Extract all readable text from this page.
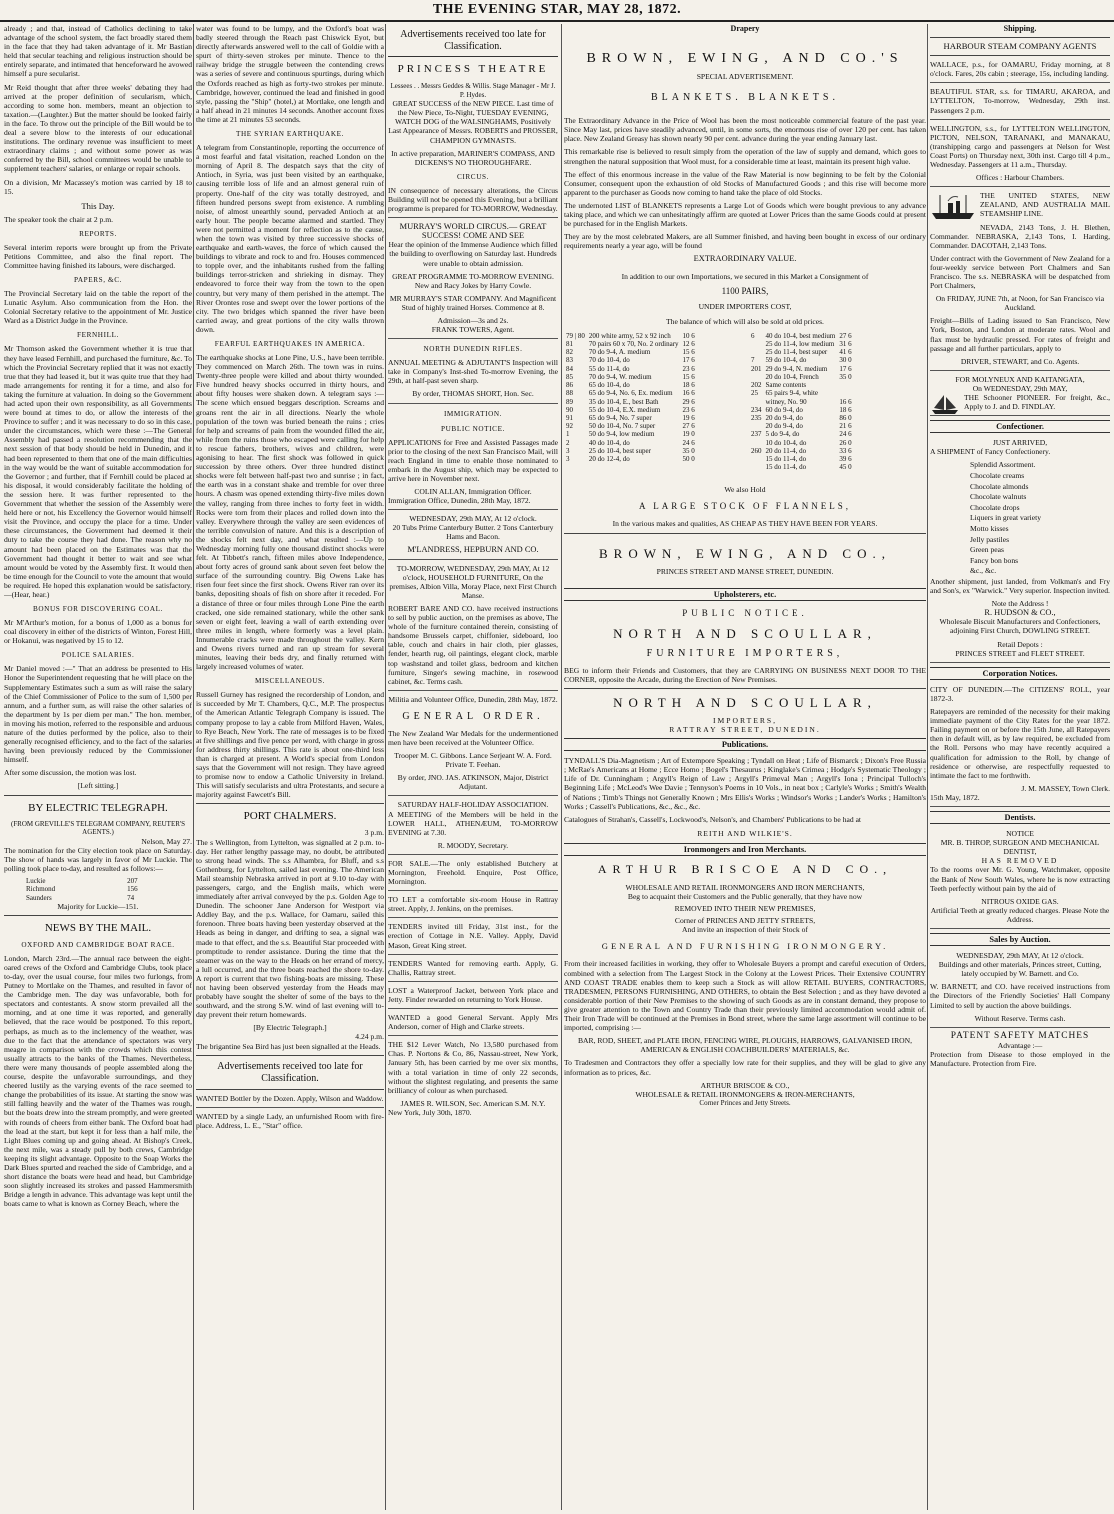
THE EVENING STAR, MAY 28, 1872.

already ; and that, instead of Catholics declining to take advantage of the school system, the fact broadly stared them in the face that they had taken advantage of it. Mr Bastian held that secular teaching and religious instruction should be entirely separate, and intimated that henceforward he avowed himself a pure secularist.

Mr Reid thought that after three weeks' debating they had arrived at the proper definition of secularism, which, according to some hon. members, meant an objection to taxation.—(Laughter.) But the matter should be looked fairly in the face. To throw out the principle of the Bill would be to deal a severe blow to the interests of our educational institutions. The ordinary revenue was insufficient to meet extraordinary claims ; and without some power as was conferred by the Bill, school committees would be unable to supplement teachers' salaries, or enlarge or repair schools.

On a division, Mr Macassey's motion was carried by 18 to 15.

This Day.

The speaker took the chair at 2 p.m.

REPORTS.

Several interim reports were brought up from the Private Petitions Committee, and also the final report. The Committee having finished its labours, were discharged.

PAPERS, &C.

The Provincial Secretary laid on the table the report of the Lunatic Asylum. Also communication from the Hon. the Colonial Secretary relative to the appointment of Mr. Justice Ward as a District Judge in the Province.

FERNHILL.

Mr Thomson asked the Government whether it is true that they have leased Fernhill, and purchased the furniture, &c. To which the Provincial Secretary replied that it was not exactly true that they had leased it, but it was quite true that they had made arrangements for renting it for a time, and also for taking the furniture at valuation. In doing so the Government had acted upon their own responsibility, as all Governments were bound at times to do, or allow the interests of the Province to suffer ; and it was necessary to do so in this case, under the circumstances, which were these :—The General Assembly had passed a resolution recommending that the next session of that body should be held in Dunedin, and it had been represented to them that one of the main difficulties in the way would be the want of suitable accommodation for the Governor ; and further, that if Fernhill could be placed at his disposal, it would considerably facilitate the holding of the session here. It was further represented to the Government that whether the session of the Assembly were held here or not, his Excellency the Governor would himself visit the Province, and occupy the place for a time. Under these circumstances, the Government had deemed it their duty to take the course they had done. The reason why no amount had been placed on the Estimates was that the Government had thought it better to wait and see what amount would be voted by the Assembly first. It would then be time enough for the Council to vote the amount that would be required. He hoped this explanation would be satisfactory.—(Hear, hear.)

BONUS FOR DISCOVERING COAL.

Mr M'Arthur's motion, for a bonus of 1,000 as a bonus for coal discovery in either of the districts of Winton, Forest Hill, or Hokanui, was negatived by 15 to 12.

POLICE SALARIES.

Mr Daniel moved :—" That an address be presented to His Honor the Superintendent requesting that he will place on the Supplementary Estimates such a sum as will raise the salary of the Chief Commissioner of Police to the sum of 1,500 per annum, and a further sum, as will raise the other salaries of the department by 1s per diem per man." The hon. member, in moving his motion, referred to the responsible and arduous nature of the duties performed by the police, also to their generally recognised efficiency, and to the fact of the salaries having been previously reduced by the Commissioner himself.

After some discussion, the motion was lost.

[Left sitting.]
BY ELECTRIC TELEGRAPH.
(FROM GREVILLE'S TELEGRAM COMPANY, REUTER'S AGENTS.)
Nelson, May 27.

The nomination for the City election took place on Saturday. The show of hands was largely in favor of Mr Luckie. The polling took place to-day, and resulted as follows:—

Luckie	207
Richmond	156
Saunders	74
Majority for Luckie—151.
NEWS BY THE MAIL.
OXFORD AND CAMBRIDGE BOAT RACE.

London, March 23rd.—The annual race between the eight-oared crews of the Oxford and Cambridge Clubs, took place to-day, over the usual course, four miles two furlongs, from Putney to Mortlake on the Thames, and resulted in favor of the Cambridge men. The day was unfavorable, both for spectators and contestants. A snow storm prevailed all the morning, and at one time it was reported, and generally believed, that the race would be postponed. To this report, perhaps, as much as to the inclemency of the weather, was due to the fact that the attendance of spectators was very meagre in comparison with the crowds which this contest usually attracts to the banks of the Thames. Nevertheless, there were many thousands of people assembled along the course, despite the unfavorable surroundings, and they cheered lustily as the varying events of the race seemed to change the probabilities of its issue. At starting the snow was still falling heavily and the water of the Thames was rough, but the boats drew into the stream promptly, and were greeted with rounds of cheers from either bank. The Oxford boat had the lead at the start, but kept it for less than a half mile, the Light Blues coming up and going ahead. At Bishop's Creek, the next mile, was a steady pull by both crews, Cambridge keeping its slight advantage. Opposite to the Soap Works the Dark Blues spurted and reached the side of Cambridge, and a short distance the boats were head and head, but Cambridge soon slightly increased its strokes and passed Hammersmith Bridge a length in advance. This advantage was kept until the boats came to what is known as Corney Beach, where the

water was found to be lumpy, and the Oxford's boat was badly steered through the Reach past Chiswick Eyot, but directly afterwards answered well to the call of Goldie with a spurt of thirty-seven strokes per minute. Thence to the railway bridge the struggle between the contending crews was a series of severe and continuous spurtings, during which the Oxfords reached as high as forty-two strokes per minute. Cambridge, however, continued the lead and finished in good style, passing the "Ship" (hotel,) at Mortlake, one length and a half ahead in 21 minutes 14 seconds. Another account fixes the time at 21 minutes 53 seconds.

THE SYRIAN EARTHQUAKE.

A telegram from Constantinople, reporting the occurrence of a most fearful and fatal visitation, reached London on the morning of April 8. The despatch says that the city of Antioch, in Syria, was just been visited by an earthquake, causing terrible loss of life and an almost general ruin of property. One-half of the city was totally destroyed, and fifteen hundred persons swept from existence. A rumbling noise, of almost unearthly sound, pervaded Antioch at an early hour. The people became alarmed and startled. They were not permitted a moment for reflection as to the cause, when the town was visited by three successive shocks of earthquake and earth-waves, the force of which caused the buildings to vibrate and rock to and fro. Houses commenced to topple over, and the inhabitants rushed from the falling buildings terror-stricken and shrieking in dismay. They endeavored to force their way from the town to the open country, but very many of them perished in the attempt. The River Orontes rose and swept over the lower portions of the city. The two bridges which spanned the river have been carried away, and great portions of the city walls thrown down.

FEARFUL EARTHQUAKES IN AMERICA.

The earthquake shocks at Lone Pine, U.S., have been terrible. They commenced on March 26th. The town was in ruins. Twenty-three people were killed and about thirty wounded. Five hundred heavy shocks occurred in thirty hours, and about fifty houses were shaken down. A telegram says :—The scene which ensued beggars description. Screams and groans rent the air in all directions. Nearly the whole population of the town was buried beneath the ruins ; cries for help and screams of pain from the wounded filled the air, while from the ruins those who escaped were calling for help to rescue fathers, brothers, wives and children, were agonising to hear. The first shock was followed in quick succession by three others. Over three hundred distinct shocks were felt between half-past two and sunrise ; in fact, the earth was in a constant shake and tremble for over three hours. A chasm was opened extending thirty-five miles down the valley, ranging from three inches to forty feet in width. Rocks were torn from their places and rolled down into the valley. Everywhere through the valley are seen evidences of the terrible convulsion of nature. And this is a description of the shocks felt next day, and what resulted :—Up to Wednesday morning fully one thousand distinct shocks were felt. At Tibbett's ranch, fifteen miles above Independence, about forty acres of ground sank about seven feet below the surface of the surrounding country. Big Owens Lake has risen four feet since the first shock. Owens River ran over its banks, depositing shoals of fish on shore after it receded. For a distance of three or four miles through Lone Pine the earth cracked, one side remained stationary, while the other sank seven or eight feet, leaving a wall of earth extending over three miles in length, where formerly was a level plain. Innumerable cracks were made throughout the valley. Kern and Owens rivers turned and ran up stream for several minutes, leaving their beds dry, and finally returned with largely increased volumes of water.

MISCELLANEOUS.

Russell Gurney has resigned the recordership of London, and is succeeded by Mr T. Chambers, Q.C., M.P. The prospectus of the American Atlantic Telegraph Company is issued. The company propose to lay a cable from Milford Haven, Wales, to Rye Beach, New York. The rate of messages is to be fixed at five shillings and five pence per word, with charge in gross for address thirty shillings. This rate is about one-third less than is charged at present. A World's special from London says that the Government will not resign. They have agreed to promise now to endow a Catholic University in Ireland. This will satisfy secularists and ultra Protestants, and secure a majority against Fawcett's Bill.

PORT CHALMERS.
3 p.m.

The s Wellington, from Lyttelton, was signalled at 2 p.m. to-day. Her rather lengthy passage may, no doubt, be attributed to strong head winds. The s.s Alhambra, for Bluff, and s.s Gothenburg, for Lyttelton, sailed last evening. The American Mail steamship Nebraska arrived in port at 9.10 to-day with passengers, cargo, and the English mails, which were immediately after arrival conveyed by the p.s. Golden Age to Dunedin. The schooner Jane Anderson for Westport via Addley Bay, and the p.s. Wallace, for Oamaru, sailed this forenoon. Three boats having been yesterday observed at the Heads as being in danger, and drifting to sea, a signal was made to that effect, and the s.s. Beautiful Star proceeded with promptitude to render assistance. During the time that the steamer was on the way to the Heads on her errand of mercy, a lull occurred, and the three boats reached the shore to-day. A report is current that two fishing-boats are missing. These not having been observed yesterday from the Heads may probably have sought the shelter of some of the bays to the southward, and the strong S.W. wind of last evening will to-day prevent their return homewards.

[By Electric Telegraph.]
4.24 p.m.

The brigantine Sea Bird has just been signalled at the Heads.

Advertisements received too late for Classification.

WANTED Bottler by the Dozen. Apply, Wilson and Waddow.

WANTED by a single Lady, an unfurnished Room with fire-place. Address, L. E., "Star" office.

Advertisements received too late for Classification.
PRINCESS THEATRE
Lessees . . Messrs Geddes & Willis. Stage Manager - Mr J. P. Hydes.

GREAT SUCCESS of the NEW PIECE. Last time of the New Piece, To-Night, TUESDAY EVENING, WATCH DOG of the WALSINGHAMS, Positively Last Appearance of Messrs. ROBERTS and PROSSER, CHAMPION GYMNASTS.

In active preparation, MARINER'S COMPASS, AND DICKENS'S NO THOROUGHFARE.

CIRCUS.

IN consequence of necessary alterations, the Circus Building will not be opened this Evening, but a brilliant programme is prepared for TO-MORROW, Wednesday.

MURRAY'S WORLD CIRCUS.— GREAT SUCCESS! COME AND SEE

Hear the opinion of the Immense Audience which filled the building to overflowing on Saturday last. Hundreds were unable to obtain admission.

GREAT PROGRAMME TO-MORROW EVENING. New and Racy Jokes by Harry Cowle.

MR MURRAY'S STAR COMPANY. And Magnificent Stud of highly trained Horses. Commence at 8.

Admission—3s and 2s.
FRANK TOWERS, Agent.
NORTH DUNEDIN RIFLES.

ANNUAL MEETING & ADJUTANT'S Inspection will take in Company's Inst-shed To-morrow Evening, the 29th, at half-past seven sharp.

By order, THOMAS SHORT, Hon. Sec.
IMMIGRATION.
PUBLIC NOTICE.

APPLICATIONS for Free and Assisted Passages made prior to the closing of the next San Francisco Mail, will reach England in time to enable those nominated to embark in the August ship, which may be expected to arrive here in November next.

COLIN ALLAN, Immigration Officer.
Immigration Office, Dunedin, 28th May, 1872.
WEDNESDAY, 29th MAY, At 12 o'clock.

20 Tubs Prime Canterbury Butter. 2 Tons Canterbury Hams and Bacon.

M'LANDRESS, HEPBURN AND CO.

TO-MORROW, WEDNESDAY, 29th MAY, At 12 o'clock, HOUSEHOLD FURNITURE, On the premises, Albion Villa, Moray Place, next First Church Manse.

ROBERT BARE AND CO. have received instructions to sell by public auction, on the premises as above, The whole of the furniture contained therein, consisting of handsome Brussels carpet, chiffonier, sideboard, loo table, couch and chairs in hair cloth, pier glasses, fender, hearth rug, oil paintings, elegant clock, marble top washstand and toilet glass, bedroom and kitchen furniture, Singer's sewing machine, in rosewood cabinet, &c. Terms cash.

Militia and Volunteer Office, Dunedin, 28th May, 1872.
GENERAL ORDER.

The New Zealand War Medals for the undermentioned men have been received at the Volunteer Office.

Trooper M. C. Gibbons. Lance Serjeant W. A. Ford. Private T. Feehan.

By order, JNO. JAS. ATKINSON, Major, District Adjutant.
SATURDAY HALF-HOLIDAY ASSOCIATION.

A MEETING of the Members will be held in the LOWER HALL, ATHENÆUM, TO-MORROW EVENING at 7.30.

R. MOODY, Secretary.

FOR SALE.—The only established Butchery at Mornington, Freehold. Enquire, Post Office, Mornington.

TO LET a comfortable six-room House in Rattray street. Apply, J. Jenkins, on the premises.

TENDERS invited till Friday, 31st inst., for the erection of Cottage in N.E. Valley. Apply, David Mason, Great King street.

TENDERS Wanted for removing earth. Apply, G. Challis, Rattray street.

LOST a Waterproof Jacket, between York place and Jetty. Finder rewarded on returning to York House.

WANTED a good General Servant. Apply Mrs Anderson, corner of High and Clarke streets.

THE $12 Lever Watch, No 13,580 purchased from Chas. P. Nortons & Co, 86, Nassau-street, New York, January 5th, has been carried by me over six months, with a total variation in time of only 22 seconds, without the slightest regulating, and presents the same brilliancy of colour as when purchased.

JAMES R. WILSON, Sec. American S.M. N.Y.
New York, July 30th, 1870.
Drapery
BROWN, EWING, AND CO.'S
SPECIAL ADVERTISEMENT.
BLANKETS. BLANKETS.

The Extraordinary Advance in the Price of Wool has been the most noticeable commercial feature of the past year. Since May last, prices have steadily advanced, until, in some sorts, the enormous rise of over 120 per cent. has taken place. New Zealand Greasy has shown nearly 90 per cent. advance during the year ending January last.

This remarkable rise is believed to result simply from the operation of the law of supply and demand, which goes to strengthen the natural supposition that Wool must, for a considerable time at least, maintain its present high value.

The effect of this enormous increase in the value of the Raw Material is now beginning to be felt by the Colonial Consumer, consequent upon the exhaustion of old Stocks of Manufactured Goods ; and this rise will become more apparent to the purchaser as Goods now coming to hand take the place of old Stocks.

The undernoted LIST of BLANKETS represents a Large Lot of Goods which were bought previous to any advance taking place, and which we can unhesitatingly affirm are quoted at Lower Prices than the same Goods could at present be purchased for in the English Markets.

They are by the most celebrated Makers, are all Summer finished, and having been bought in excess of our ordinary requirements nearly a year ago, will be found

EXTRAORDINARY VALUE.
In addition to our own Importations, we secured in this Market a Consignment of
1100 PAIRS,
UNDER IMPORTERS COST,
The balance of which will also be sold at old prices.
79 | 80	200 white army, 52 x 92 inch	10 6
81	70 pairs 60 x 70, No. 2 ordinary	12 6
82	70 do 9-4, A. medium	15 6
83	70 do 10-4, do	17 6
84	55 do 11-4, do	23 6
85	70 do 9-4, W. medium	15 6
86	65 do 10-4, do	18 6
88	65 do 9-4, No. 6, Ex. medium	16 6
89	35 do 10-4, E., best Bath	29 6
90	55 do 10-4, E.X. medium	23 6
91	65 do 9-4, No. 7 super	19 6
92	50 do 10-4, No. 7 super	27 6
1	50 do 9-4, low medium	19 0
2	40 do 10-4, do	24 6
3	25 do 10-4, best super	35 0
3	20 do 12-4, do	50 0
6	40 do 10-4, best medium	27 6
	25 do 11-4, low medium	31 6
	25 do 11-4, best super	41 6
7	59 do 10-4, do	30 0
201	29 do 9-4, N. medium	17 6
	20 do 10-4, French	35 0
202	Same contents	
25	65 pairs 9-4, white	
	witney, No. 90	16 6
234	60 do 9-4, do	18 6
235	20 do 9-4, do	86 0
	20 do 9-4, do	21 6
237	5 do 9-4, do	24 6
	10 do 10-4, do	26 0
260	20 do 11-4, do	33 6
	15 do 11-4, do	39 6
	15 do 11-4, do	45 0
We also Hold
A LARGE STOCK OF FLANNELS,
In the various makes and qualities, AS CHEAP AS THEY HAVE BEEN FOR YEARS.
BROWN, EWING, AND CO.,
PRINCES STREET AND MANSE STREET, DUNEDIN.
Upholsterers, etc.
PUBLIC NOTICE.
NORTH AND SCOULLAR,
FURNITURE IMPORTERS,

BEG to inform their Friends and Customers, that they are CARRYING ON BUSINESS NEXT DOOR TO THE CORNER, opposite the Arcade, during the Erection of New Premises.

NORTH AND SCOULLAR,
IMPORTERS,
RATTRAY STREET, DUNEDIN.
Publications.

TYNDALL'S Dia-Magnetism ; Art of Extempore Speaking ; Tyndall on Heat ; Life of Bismarck ; Dixon's Free Russia ; McRae's Americans at Home ; Ecce Homo ; Bogel's Thesaurus ; Kinglake's Crimea ; Hodge's Systematic Theology ; Life of Dr. Cunningham ; Argyll's Reign of Law ; Argyll's Primeval Man ; Argyll's Iona ; Principal Tulloch's Beginning Life ; McLeod's Wee Davie ; Tennyson's Poems in 10 Vols., in neat box ; Carlyle's Works ; Smith's Wealth of Nations ; Timb's Things not Generally Known ; Mrs Ellis's Works ; Windsor's Works ; Lander's Works ; Hamilton's Works ; Cassell's Publications, &c., &c., &c.

Catalogues of Strahan's, Cassell's, Lockwood's, Nelson's, and Chambers' Publications to be had at

REITH AND WILKIE'S.
Ironmongers and Iron Merchants.
ARTHUR BRISCOE AND CO.,
WHOLESALE AND RETAIL IRONMONGERS AND IRON MERCHANTS,
Beg to acquaint their Customers and the Public generally, that they have now
REMOVED INTO THEIR NEW PREMISES,
Corner of PRINCES AND JETTY STREETS,
And invite an inspection of their Stock of
GENERAL AND FURNISHING IRONMONGERY.

From their increased facilities in working, they offer to Wholesale Buyers a prompt and careful execution of Orders, combined with a selection from The Largest Stock in the Colony at the Lowest Prices. Their Extensive COUNTRY AND COAST TRADE enables them to keep such a Stock as will allow RETAIL BUYERS, CONTRACTORS, TRADESMEN, PERSONS FURNISHING, AND OTHERS, to obtain the Best Selection ; and as they have devoted a considerable portion of their New Premises to the showing of such Goods as are in constant demand, they propose to give greater attention to the Town and Country Trade than their previously limited accommodation would admit of. Their Iron Trade will be continued at the Premises in Bond street, where the same large assortment will continue to be imported, comprising :—

BAR, ROD, SHEET, and PLATE IRON, FENCING WIRE, PLOUGHS, HARROWS, GALVANISED IRON, AMERICAN & ENGLISH COACHBUILDERS' MATERIALS, &c.

To Tradesmen and Contractors they offer a specially low rate for their supplies, and they will be glad to give any information as to prices, &c.

ARTHUR BRISCOE & CO.,
WHOLESALE & RETAIL IRONMONGERS & IRON-MERCHANTS,
Corner Princes and Jetty Streets.
Shipping.
HARBOUR STEAM COMPANY AGENTS

WALLACE, p.s., for OAMARU, Friday morning, at 8 o'clock. Fares, 20s cabin ; steerage, 15s, including landing.

BEAUTIFUL STAR, s.s. for TIMARU, AKAROA, and LYTTELTON, To-morrow, Wednesday, 29th inst. Passengers 2 p.m.

WELLINGTON, s.s., for LYTTELTON WELLINGTON, PICTON, NELSON, TARANAKI, and MANAKAU, (transhipping cargo and passengers at Nelson for West Coast Ports) on Thursday next, 30th inst. Cargo till 4 p.m., Wednesday. Passengers at 11 a.m., Thursday.

Offices : Harbour Chambers.

THE UNITED STATES, NEW ZEALAND, AND AUSTRALIA MAIL STEAMSHIP LINE.

NEVADA, 2143 Tons, J. H. Blethen, Commander. NEBRASKA, 2,143 Tons, I. Harding, Commander. DACOTAH, 2,143 Tons.

Under contract with the Government of New Zealand for a four-weekly service between Port Chalmers and San Francisco. The s.s. NEBRASKA will be despatched from Port Chalmers,

On FRIDAY, JUNE 7th, at Noon, for San Francisco via Auckland.

Freight—Bills of Lading issued to San Francisco, New York, Boston, and London at moderate rates. Wool and flax must be hydraulic pressed. For rates of freight and passage and all further particulars, apply to

DRIVER, STEWART, and Co. Agents.
FOR MOLYNEUX AND KAITANGATA,
On WEDNESDAY, 29th MAY,

THE Schooner PIONEER. For freight, &c., Apply to J. and D. FINDLAY.

Confectioner.
JUST ARRIVED,

A SHIPMENT of Fancy Confectionery.

Splendid Assortment.
Chocolate creams
Chocolate almonds
Chocolate walnuts
Chocolate drops
Liquers in great variety
Motto kisses
Jelly pastiles
Green peas
Fancy bon bons
&c., &c.

Another shipment, just landed, from Volkman's and Fry and Son's, ex "Warwick." Very superior. Inspection invited.

Note the Address !
R. HUDSON & CO.,

Wholesale Biscuit Manufacturers and Confectioners, adjoining First Church, DOWLING STREET.

Retail Depots :
PRINCES STREET and FLEET STREET.
Corporation Notices.

CITY OF DUNEDIN.—The CITIZENS' ROLL, year 1872-3.

Ratepayers are reminded of the necessity for their making immediate payment of the City Rates for the year 1872. Failing payment on or before the 15th June, all Ratepayers then in default will, as by law required, be excluded from the Roll. Persons who may have recently acquired a qualification for admission to the Roll, by change of residence or otherwise, are respectfully requested to intimate the fact to me forthwith.

J. M. MASSEY, Town Clerk.
15th May, 1872.
Dentists.
NOTICE
MR. B. THROP, SURGEON AND MECHANICAL DENTIST,
HAS REMOVED

To the rooms over Mr. G. Young, Watchmaker, opposite the Bank of New South Wales, where he is now extracting Teeth perfectly without pain by the aid of

NITROUS OXIDE GAS.

Artificial Teeth at greatly reduced charges. Please Note the Address.

Sales by Auction.
WEDNESDAY, 29th MAY, At 12 o'clock.

Buildings and other materials, Princes street, Cutting, lately occupied by W. Barnett. and Co.

W. BARNETT, and CO. have received instructions from the Directors of the Friendly Societies' Hall Company Limited to sell by auction the above buildings.

Without Reserve. Terms cash.
PATENT SAFETY MATCHES
Advantage :—

Protection from Disease to those employed in the Manufacture. Protection from Fire.
